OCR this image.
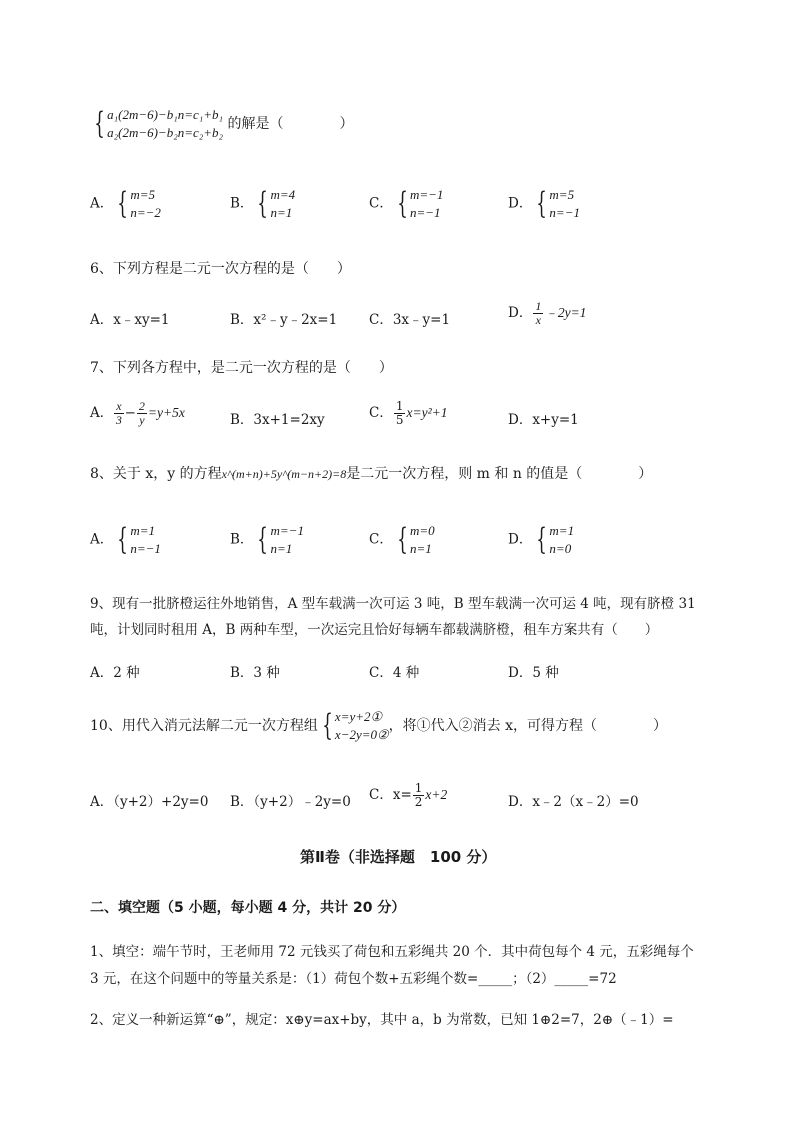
{ a₁(2m−6)−b₁n=c₁+b₁
a₂(2m−6)−b₂n=c₂+b₂
的解是（　　　　）
A． { m=5
n=−2
B． { m=4
n=1
C． { m=−1
n=−1
D． { m=5
n=−1
6、下列方程是二元一次方程的是（　　）
A．x﹣xy=1	B．x²﹣y﹣2x=1 C．3x﹣y=1	D． $\frac{1}{x}$ ﹣2y=1
7、下列各方程中，是二元一次方程的是（　　）
A． $\frac{x}{3} - \frac{2}{y} =y+5x$	B．3x+1=2xy	C． $\frac{1}{5} x=y^2+1$	D．x+y=1
8、关于 x，y 的方程x^(m+n)+5y^(m−n+2)=8是二元一次方程，则 m 和 n 的值是（　　　　）
A． { m=1
n=−1
B． { m=−1
n=1
C． { m=0
n=1
D． { m=1
n=0
9、现有一批脐橙运往外地销售，A 型车载满一次可运 3 吨，B 型车载满一次可运 4 吨，现有脐橙 31
吨，计划同时租用 A，B 两种车型，一次运完且恰好每辆车都载满脐橙，租车方案共有（　　）
A．2 种	B．3 种	C．4 种	D．5 种
10、用代入消元法解二元一次方程组 { x=y+2①
x−2y=0②
，将①代入②消去 x，可得方程（　　　　）
A．（y+2）+2y=0 B．（y+2）﹣2y=0 C．$x= \frac{1}{2} x+2$	D．x﹣2（x﹣2）=0
第Ⅱ卷（非选择题　100 分）
二、填空题（5 小题，每小题 4 分，共计 20 分）
1、填空：端午节时，王老师用 72 元钱买了荷包和五彩绳共 20 个．其中荷包每个 4 元，五彩绳每个
3 元，在这个问题中的等量关系是：（1）荷包个数+五彩绳个数=_____；（2）_____=72
2、定义一种新运算“⊕”，规定：x⊕y=ax+by，其中 a，b 为常数，已知 1⊕2=7，2⊕（﹣1）=
